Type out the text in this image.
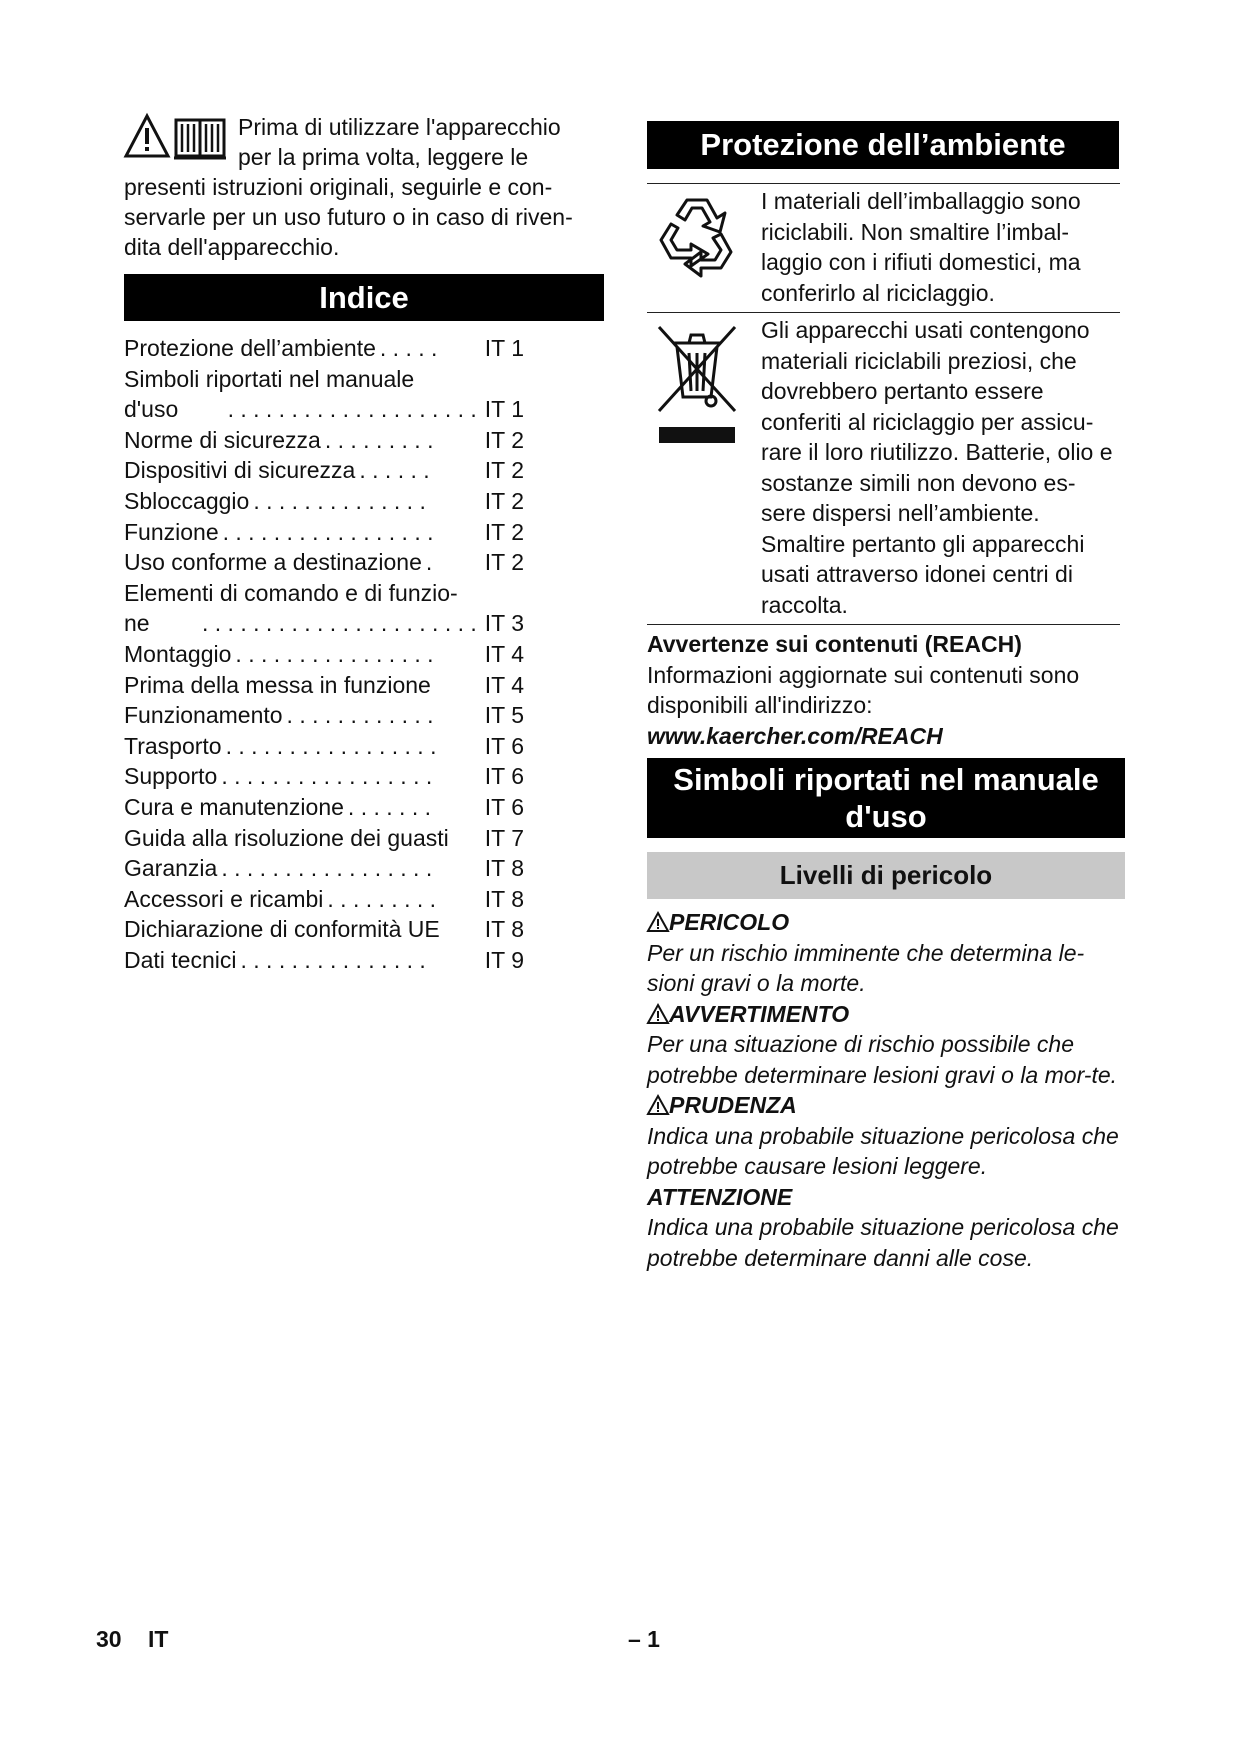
Prima di utilizzare l'apparecchio
per la prima volta, leggere le
presenti istruzioni originali, seguirle e con-servarle per un uso futuro o in caso di riven-dita dell'apparecchio.
Indice
Protezione dell’ambiente . . . . .	IT 1
Simboli riportati nel manuale
d'uso	. . . . . . . . . . . . . . . . . . . . IT 1
Norme di sicurezza . . . . . . . . .	IT 2
Dispositivi di sicurezza . . . . . .	IT 2
Sbloccaggio . . . . . . . . . . . . . .	IT 2
Funzione . . . . . . . . . . . . . . . . .	IT 2
Uso conforme a destinazione .	IT 2
Elementi di comando e di funzio-
ne	. . . . . . . . . . . . . . . . . . . . . . IT 3
Montaggio . . . . . . . . . . . . . . . .	IT 4
Prima della messa in funzione	IT 4
Funzionamento . . . . . . . . . . . .	IT 5
Trasporto . . . . . . . . . . . . . . . . .	IT 6
Supporto . . . . . . . . . . . . . . . . .	IT 6
Cura e manutenzione . . . . . . .	IT 6
Guida alla risoluzione dei guasti	IT 7
Garanzia . . . . . . . . . . . . . . . . .	IT 8
Accessori e ricambi . . . . . . . . .	IT 8
Dichiarazione di conformità UE	IT 8
Dati tecnici . . . . . . . . . . . . . . .	IT 9
Protezione dell’ambiente
I materiali dell’imballaggio sono riciclabili. Non smaltire l’imbal-laggio con i rifiuti domestici, ma conferirlo al riciclaggio.
Gli apparecchi usati contengono materiali riciclabili preziosi, che dovrebbero pertanto essere conferiti al riciclaggio per assicu-rare il loro riutilizzo. Batterie, olio e sostanze simili non devono es-sere dispersi nell’ambiente. Smaltire pertanto gli apparecchi usati attraverso idonei centri di raccolta.
Avvertenze sui contenuti (REACH)
Informazioni aggiornate sui contenuti sono disponibili all'indirizzo:
www.kaercher.com/REACH
Simboli riportati nel manuale d'uso
Livelli di pericolo
PERICOLO
Per un rischio imminente che determina le-sioni gravi o la morte.
AVVERTIMENTO
Per una situazione di rischio possibile che potrebbe determinare lesioni gravi o la mor-te.
PRUDENZA
Indica una probabile situazione pericolosa che potrebbe causare lesioni leggere.
ATTENZIONE
Indica una probabile situazione pericolosa che potrebbe determinare danni alle cose.
30 IT	– 1
